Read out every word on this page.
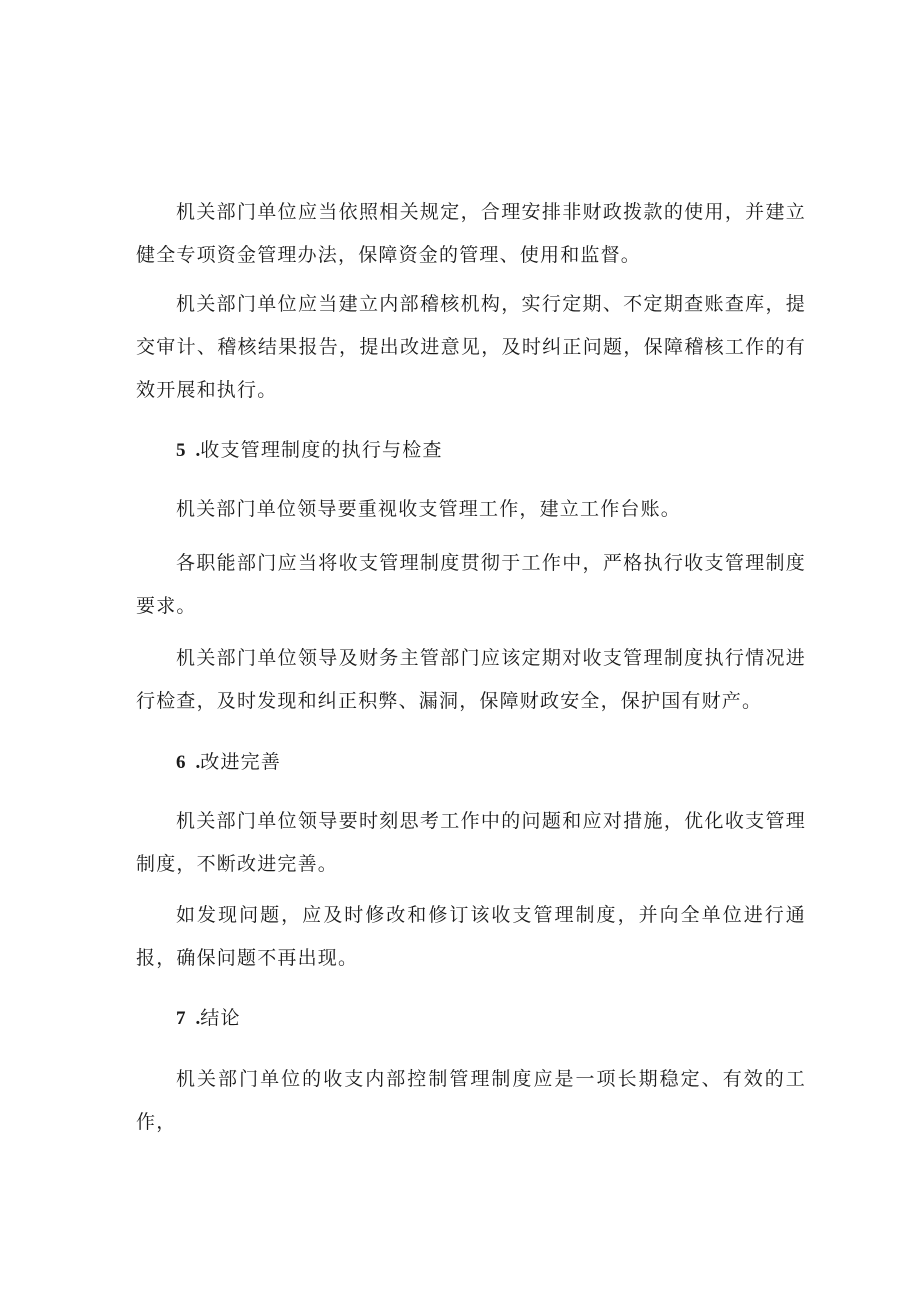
机关部门单位应当依照相关规定，合理安排非财政拨款的使用，并建立健全专项资金管理办法，保障资金的管理、使用和监督。

机关部门单位应当建立内部稽核机构，实行定期、不定期查账查库，提交审计、稽核结果报告，提出改进意见，及时纠正问题，保障稽核工作的有效开展和执行。

5 .收支管理制度的执行与检查

机关部门单位领导要重视收支管理工作，建立工作台账。

各职能部门应当将收支管理制度贯彻于工作中，严格执行收支管理制度要求。

机关部门单位领导及财务主管部门应该定期对收支管理制度执行情况进行检查，及时发现和纠正积弊、漏洞，保障财政安全，保护国有财产。

6 .改进完善

机关部门单位领导要时刻思考工作中的问题和应对措施，优化收支管理制度，不断改进完善。

如发现问题，应及时修改和修订该收支管理制度，并向全单位进行通报，确保问题不再出现。

7 .结论

机关部门单位的收支内部控制管理制度应是一项长期稳定、有效的工作，
